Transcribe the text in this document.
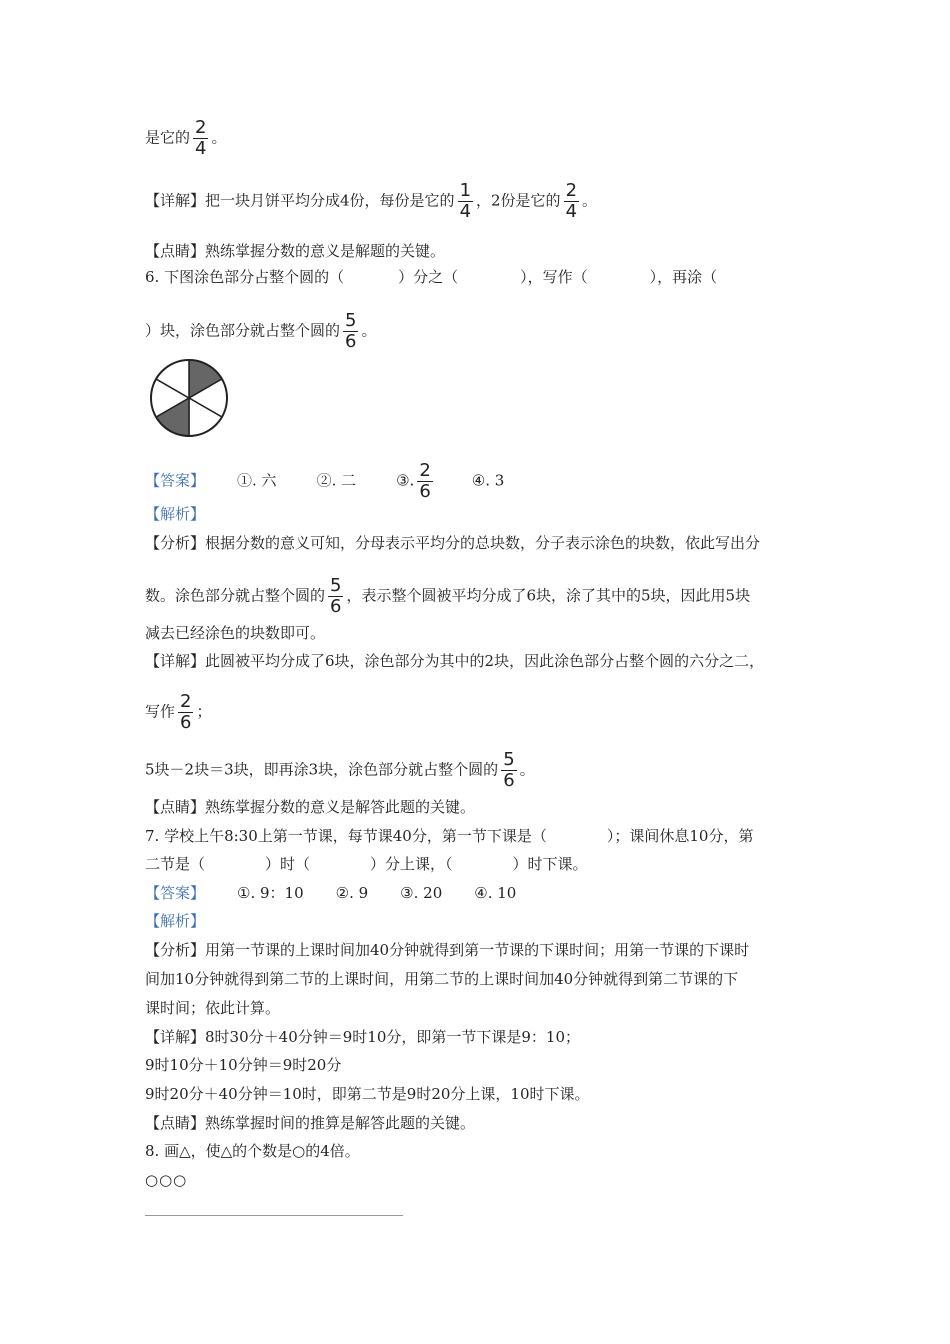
是它的 $\frac{2}{4}$ 。
【详解】把一块月饼平均分成4份，每份是它的 $\frac{1}{4}$ ，2份是它的 $\frac{2}{4}$ 。
【点睛】熟练掌握分数的意义是解题的关键。
6. 下图涂色部分占整个圆的（	）分之（	），写作（	），再涂（
）块，涂色部分就占整个圆的 $\frac{5}{6}$ 。
【答案】 ①. 六	②. 二	③. $\frac{2}{6}$	④. 3
【解析】
【分析】根据分数的意义可知，分母表示平均分的总块数，分子表示涂色的块数，依此写出分
数。涂色部分就占整个圆的 $\frac{5}{6}$ ，表示整个圆被平均分成了6块，涂了其中的5块，因此用5块
减去已经涂色的块数即可。
【详解】此圆被平均分成了6块，涂色部分为其中的2块，因此涂色部分占整个圆的六分之二，
写作 $\frac{2}{6}$ ；
5块－2块＝3块，即再涂3块，涂色部分就占整个圆的 $\frac{5}{6}$ 。
【点睛】熟练掌握分数的意义是解答此题的关键。
7. 学校上午8:30上第一节课，每节课40分，第一节下课是（	）；课间休息10分，第
二节是（	）时（	）分上课，（	）时下课。
【答案】 ①. 9：10 ②. 9 ③. 20 ④. 10
【解析】
【分析】用第一节课的上课时间加40分钟就得到第一节课的下课时间；用第一节课的下课时
间加10分钟就得到第二节的上课时间，用第二节的上课时间加40分钟就得到第二节课的下
课时间；依此计算。
【详解】8时30分＋40分钟＝9时10分，即第一节下课是9：10；
9时10分＋10分钟＝9时20分
9时20分＋40分钟＝10时，即第二节是9时20分上课，10时下课。
【点睛】熟练掌握时间的推算是解答此题的关键。
8. 画△，使△的个数是○的4倍。
○○○
